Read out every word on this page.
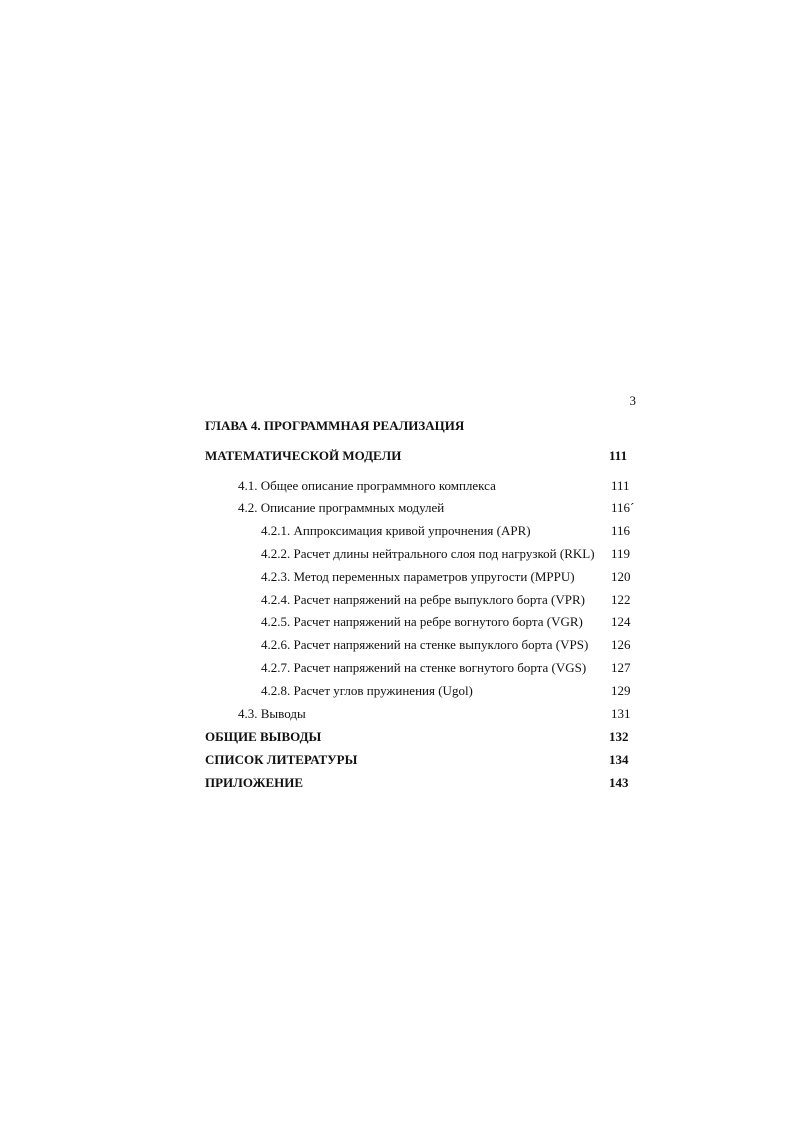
3
ГЛАВА 4. ПРОГРАММНАЯ РЕАЛИЗАЦИЯ
МАТЕМАТИЧЕСКОЙ МОДЕЛИ	111
4.1. Общее описание программного комплекса	111
4.2. Описание программных модулей	116´
4.2.1. Аппроксимация кривой упрочнения (APR)	116
4.2.2. Расчет длины нейтрального слоя под нагрузкой (RKL) 119
4.2.3. Метод переменных параметров упругости (MPPU)	120
4.2.4. Расчет напряжений на ребре выпуклого борта (VPR) 122
4.2.5. Расчет напряжений на ребре вогнутого борта (VGR) 124
4.2.6. Расчет напряжений на стенке выпуклого борта (VPS) 126
4.2.7. Расчет напряжений на стенке вогнутого борта (VGS) 127
4.2.8. Расчет углов пружинения (Ugol)	129
4.3. Выводы	131
ОБЩИЕ ВЫВОДЫ	132
СПИСОК ЛИТЕРАТУРЫ	134
ПРИЛОЖЕНИЕ	143
